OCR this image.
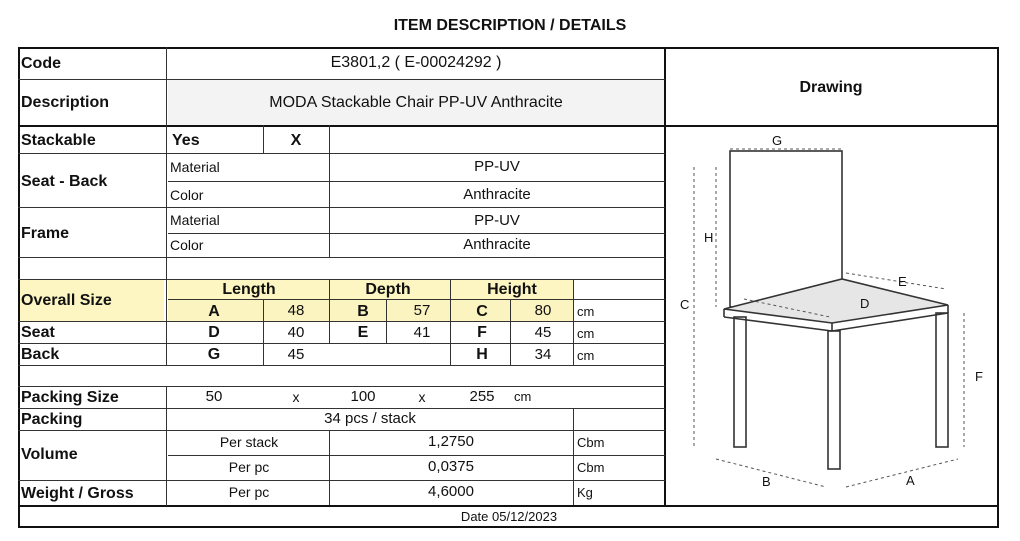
ITEM DESCRIPTION / DETAILS
Code	E3801,2 ( E-00024292 )
Description	MODA Stackable Chair PP-UV Anthracite
Drawing
Stackable	Yes	X
Seat - Back
Material	PP-UV
Color	Anthracite
Frame
Material	PP-UV
Color	Anthracite
Overall Size
Length	Depth	Height
A	48	B	57	C	80 cm
Seat	D	40	E	41	F	45 cm
Back	G	45	H	34 cm
Packing Size	50	x	100	x	255 cm
Packing	34 pcs / stack
Volume
Per stack	1,2750	Cbm
Per pc	0,0375	Cbm
Weight / Gross	Per pc	4,6000	Kg
Date 05/12/2023
G
H
C
E
D
F
B	A
